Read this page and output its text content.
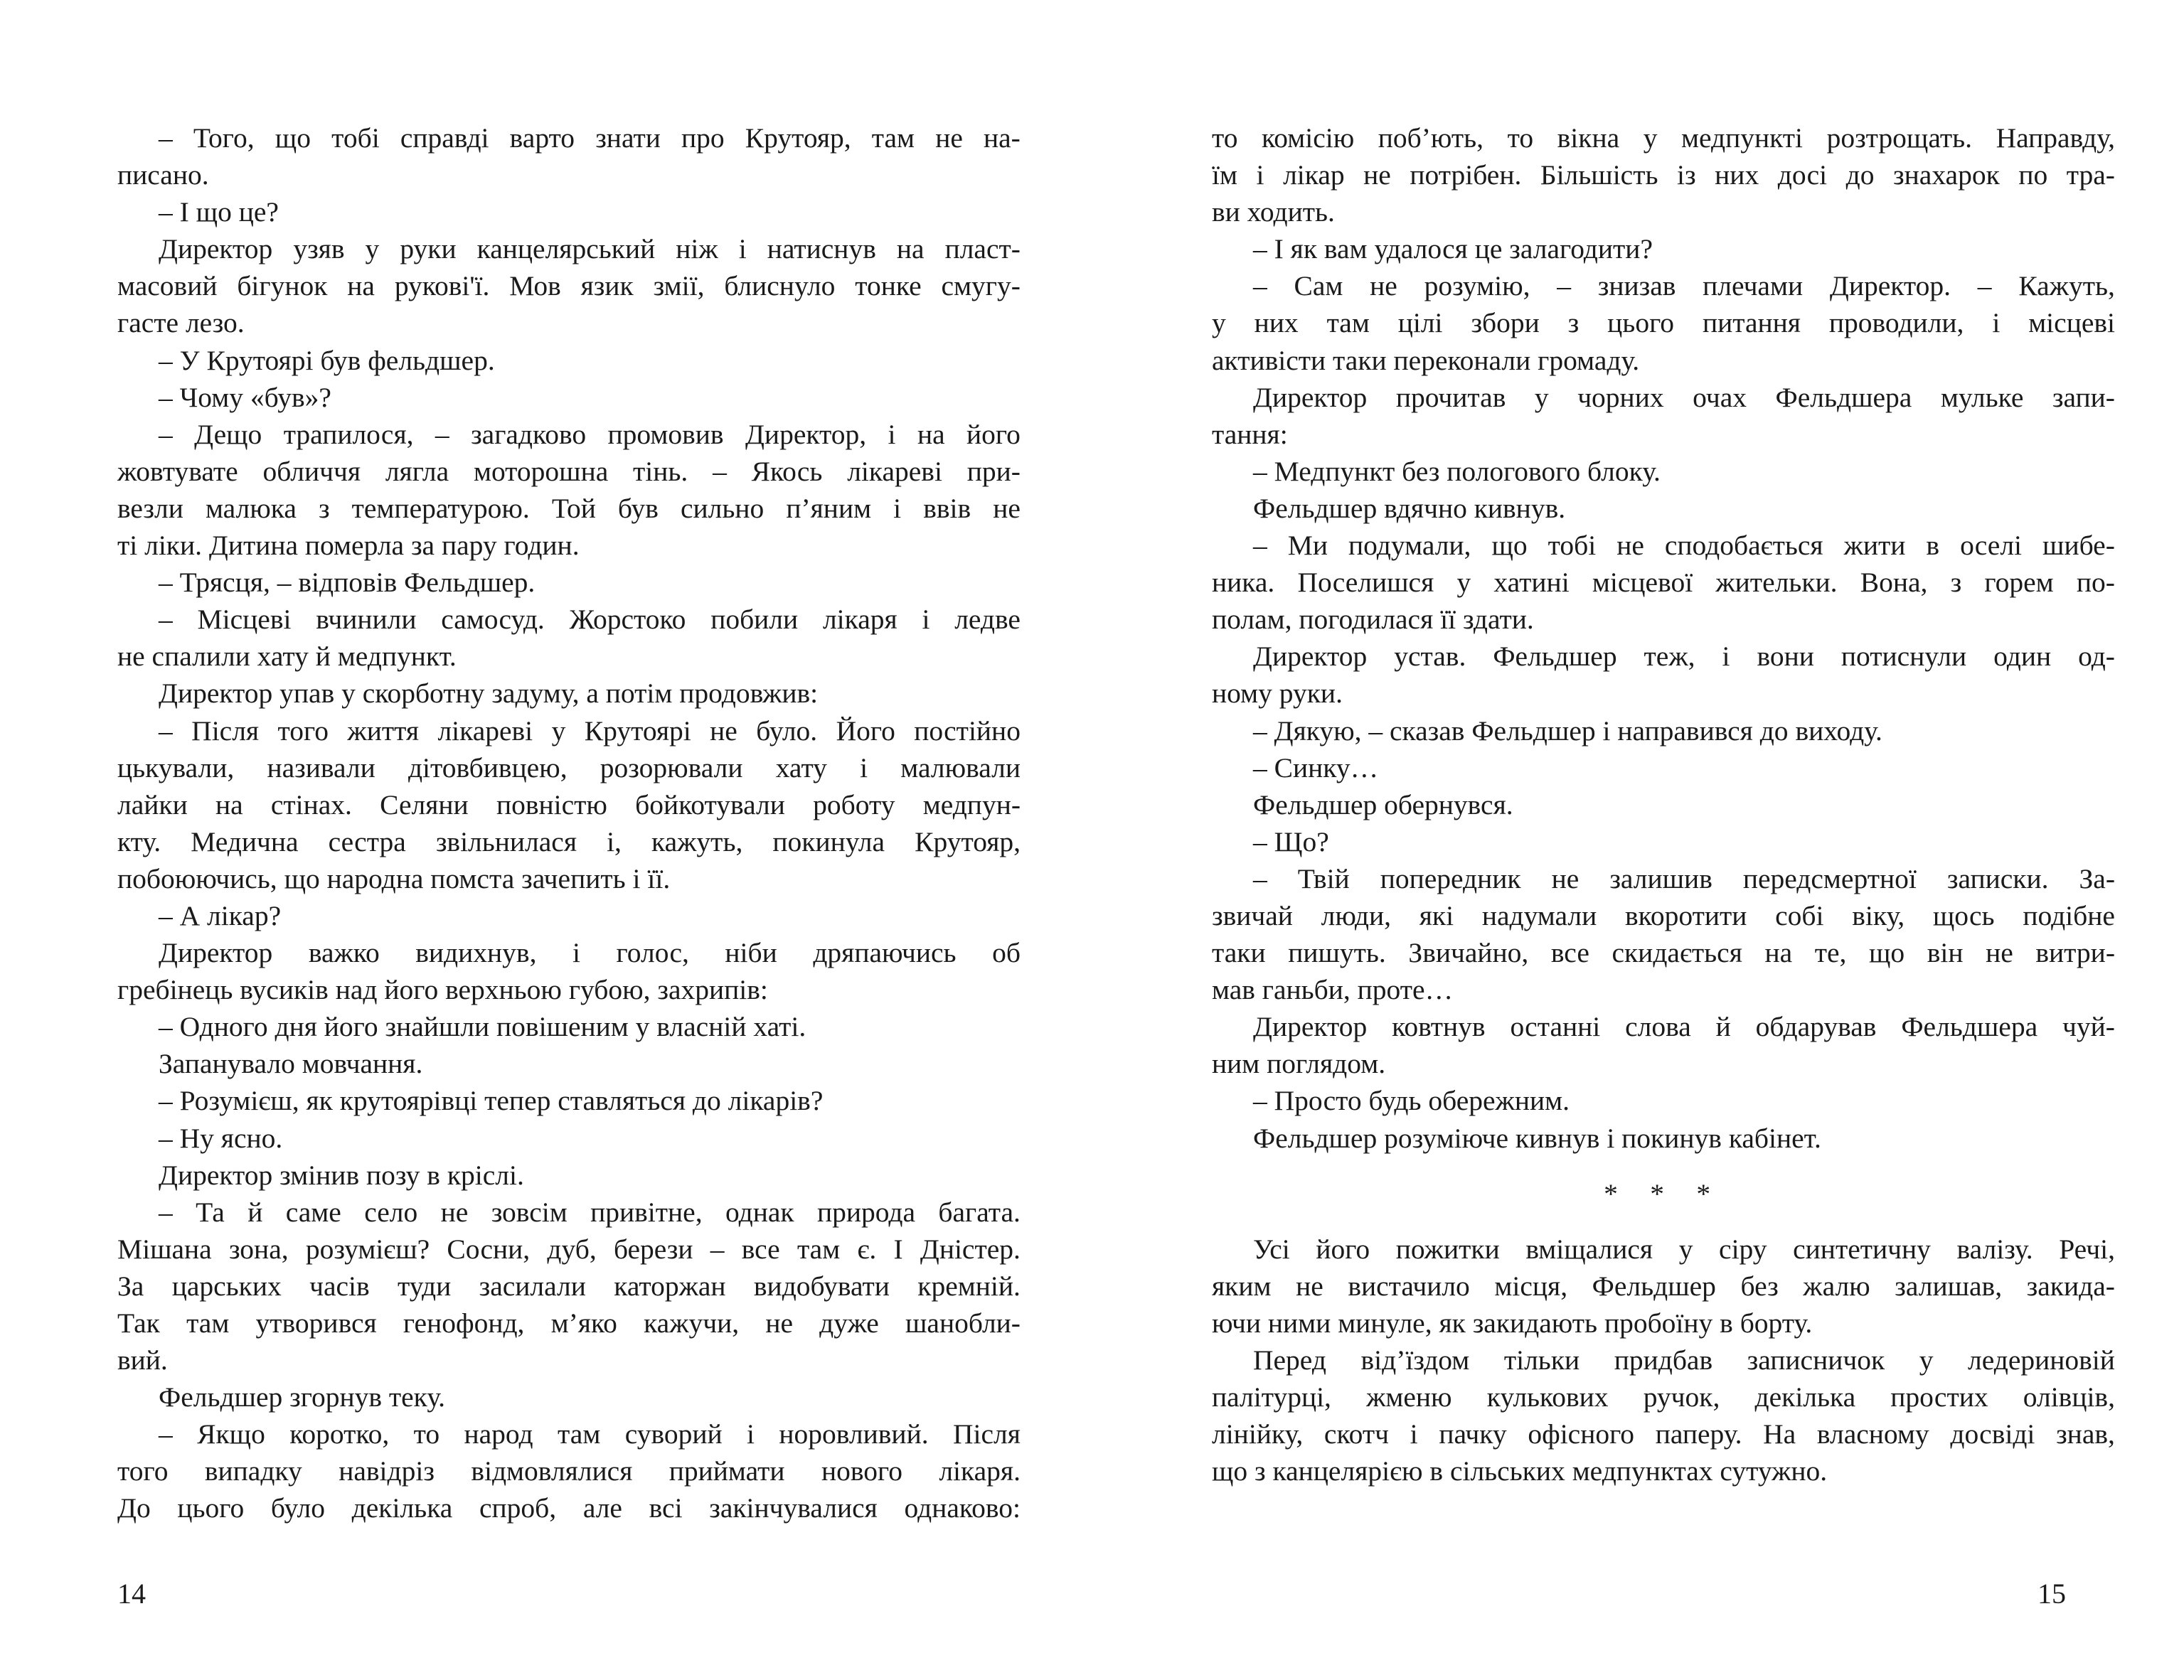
– Того, що тобі справді варто знати про Крутояр, там не на-
писано.
– І що це?
Директор узяв у руки канцелярський ніж і натиснув на пласт-
масовий бігунок на рукові'ї. Мов язик змії, блиснуло тонке смугу-
гасте лезо.
– У Крутоярі був фельдшер.
– Чому «був»?
– Дещо трапилося, – загадково промовив Директор, і на його
жовтувате обличчя лягла моторошна тінь. – Якось лікареві при-
везли малюка з температурою. Той був сильно п’яним і ввів не
ті ліки. Дитина померла за пару годин.
– Трясця, – відповів Фельдшер.
– Місцеві вчинили самосуд. Жорстоко побили лікаря і ледве
не спалили хату й медпункт.
Директор упав у скорботну задуму, а потім продовжив:
– Після того життя лікареві у Крутоярі не було. Його постійно
цькували, називали дітовбивцею, розорювали хату і малювали
лайки на стінах. Селяни повністю бойкотували роботу медпун-
кту. Медична сестра звільнилася і, кажуть, покинула Крутояр,
побоюючись, що народна помста зачепить і її.
– А лікар?
Директор важко видихнув, і голос, ніби дряпаючись об
гребінець вусиків над його верхньою губою, захрипів:
– Одного дня його знайшли повішеним у власній хаті.
Запанувало мовчання.
– Розумієш, як крутоярівці тепер ставляться до лікарів?
– Ну ясно.
Директор змінив позу в кріслі.
– Та й саме село не зовсім привітне, однак природа багата.
Мішана зона, розумієш? Сосни, дуб, берези – все там є. І Дністер.
За царських часів туди засилали каторжан видобувати кремній.
Так там утворився генофонд, м’яко кажучи, не дуже шанобли-
вий.
Фельдшер згорнув теку.
– Якщо коротко, то народ там суворий і норовливий. Після
того випадку навідріз відмовлялися приймати нового лікаря.
До цього було декілька спроб, але всі закінчувалися однаково:
то комісію поб’ють, то вікна у медпункті розтрощать. Направду,
їм і лікар не потрібен. Більшість із них досі до знахарок по тра-
ви ходить.
– І як вам удалося це залагодити?
– Сам не розумію, – знизав плечами Директор. – Кажуть,
у них там цілі збори з цього питання проводили, і місцеві
активісти таки переконали громаду.
Директор прочитав у чорних очах Фельдшера мульке запи-
тання:
– Медпункт без пологового блоку.
Фельдшер вдячно кивнув.
– Ми подумали, що тобі не сподобається жити в оселі шибе-
ника. Поселишся у хатині місцевої жительки. Вона, з горем по-
полам, погодилася її здати.
Директор устав. Фельдшер теж, і вони потиснули один од-
ному руки.
– Дякую, – сказав Фельдшер і направився до виходу.
– Синку…
Фельдшер обернувся.
– Що?
– Твій попередник не залишив передсмертної записки. За-
звичай люди, які надумали вкоротити собі віку, щось подібне
таки пишуть. Звичайно, все скидається на те, що він не витри-
мав ганьби, проте…
Директор ковтнув останні слова й обдарував Фельдшера чуй-
ним поглядом.
– Просто будь обережним.
Фельдшер розуміюче кивнув і покинув кабінет.
* * *
Усі його пожитки вміщалися у сіру синтетичну валізу. Речі,
яким не вистачило місця, Фельдшер без жалю залишав, закида-
ючи ними минуле, як закидають пробоїну в борту.
Перед від’їздом тільки придбав записничок у ледериновій
палітурці, жменю кулькових ручок, декілька простих олівців,
лінійку, скотч і пачку офісного паперу. На власному досвіді знав,
що з канцелярією в сільських медпунктах сутужно.
14	15
